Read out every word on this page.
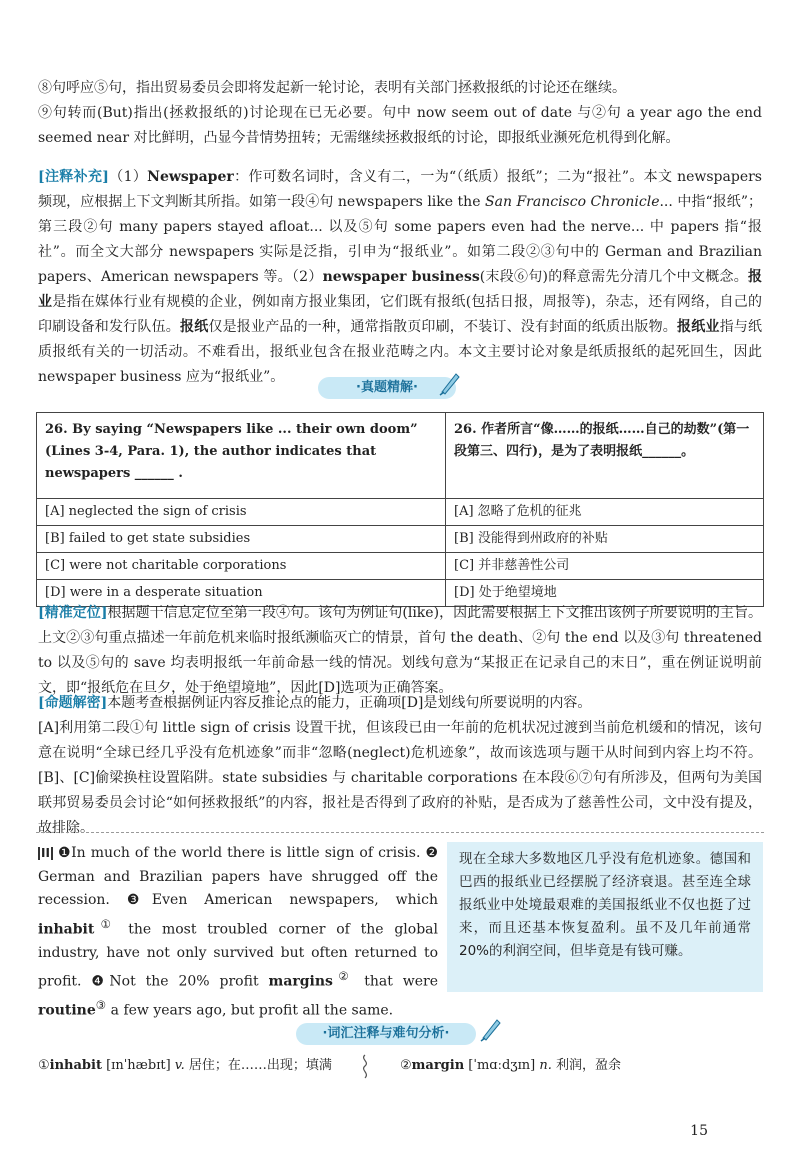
⑧句呼应⑤句，指出贸易委员会即将发起新一轮讨论，表明有关部门拯救报纸的讨论还在继续。

⑨句转而(But)指出(拯救报纸的)讨论现在已无必要。句中 now seem out of date 与②句 a year ago the end seemed near 对比鲜明，凸显今昔情势扭转；无需继续拯救报纸的讨论，即报纸业濒死危机得到化解。

[注释补充]（1）Newspaper：作可数名词时，含义有二，一为“（纸质）报纸”；二为“报社”。本文 newspapers 频现，应根据上下文判断其所指。如第一段④句 newspapers like the San Francisco Chronicle... 中指“报纸”；第三段②句 many papers stayed afloat... 以及⑤句 some papers even had the nerve... 中 papers 指“报社”。而全文大部分 newspapers 实际是泛指，引申为“报纸业”。如第二段②③句中的 German and Brazilian papers、American newspapers 等。（2）newspaper business(末段⑥句)的释意需先分清几个中文概念。报业是指在媒体行业有规模的企业，例如南方报业集团，它们既有报纸(包括日报，周报等)，杂志，还有网络，自己的印刷设备和发行队伍。报纸仅是报业产品的一种，通常指散页印刷，不装订、没有封面的纸质出版物。报纸业指与纸质报纸有关的一切活动。不难看出，报纸业包含在报业范畴之内。本文主要讨论对象是纸质报纸的起死回生，因此 newspaper business 应为“报纸业”。

·真题精解·
26. By saying “Newspapers like ... their own doom” (Lines 3-4, Para. 1), the author indicates that newspapers ______ .	26. 作者所言“像……的报纸……自己的劫数”(第一段第三、四行)，是为了表明报纸______。
[A] neglected the sign of crisis	[A] 忽略了危机的征兆
[B] failed to get state subsidies	[B] 没能得到州政府的补贴
[C] were not charitable corporations	[C] 并非慈善性公司
[D] were in a desperate situation	[D] 处于绝望境地

[精准定位]根据题干信息定位至第一段④句。该句为例证句(like)，因此需要根据上下文推出该例子所要说明的主旨。上文②③句重点描述一年前危机来临时报纸濒临灭亡的情景，首句 the death、②句 the end 以及③句 threatened to 以及⑤句的 save 均表明报纸一年前命悬一线的情况。划线句意为“某报正在记录自己的末日”，重在例证说明前文，即“报纸危在旦夕，处于绝望境地”，因此[D]选项为正确答案。

[命题解密]本题考查根据例证内容反推论点的能力，正确项[D]是划线句所要说明的内容。

[A]利用第二段①句 little sign of crisis 设置干扰，但该段已由一年前的危机状况过渡到当前危机缓和的情况，该句意在说明“全球已经几乎没有危机迹象”而非“忽略(neglect)危机迹象”，故而该选项与题干从时间到内容上均不符。[B]、[C]偷梁换柱设置陷阱。state subsidies 与 charitable corporations 在本段⑥⑦句有所涉及，但两句为美国联邦贸易委员会讨论“如何拯救报纸”的内容，报社是否得到了政府的补贴，是否成为了慈善性公司，文中没有提及，故排除。

II ❶In much of the world there is little sign of crisis. ❷ German and Brazilian papers have shrugged off the recession. ❸Even American newspapers, which inhabit① the most troubled corner of the global industry, have not only survived but often returned to profit. ❹Not the 20% profit margins② that were routine③ a few years ago, but profit all the same.

现在全球大多数地区几乎没有危机迹象。德国和巴西的报纸业已经摆脱了经济衰退。甚至连全球报纸业中处境最艰难的美国报纸业不仅也挺了过来，而且还基本恢复盈利。虽不及几年前通常20%的利润空间，但毕竟是有钱可赚。
·词汇注释与难句分析·
①inhabit [ɪnˈhæbɪt] v. 居住；在……出现；填满	②margin [ˈmɑːdʒɪn] n. 利润，盈余
15
